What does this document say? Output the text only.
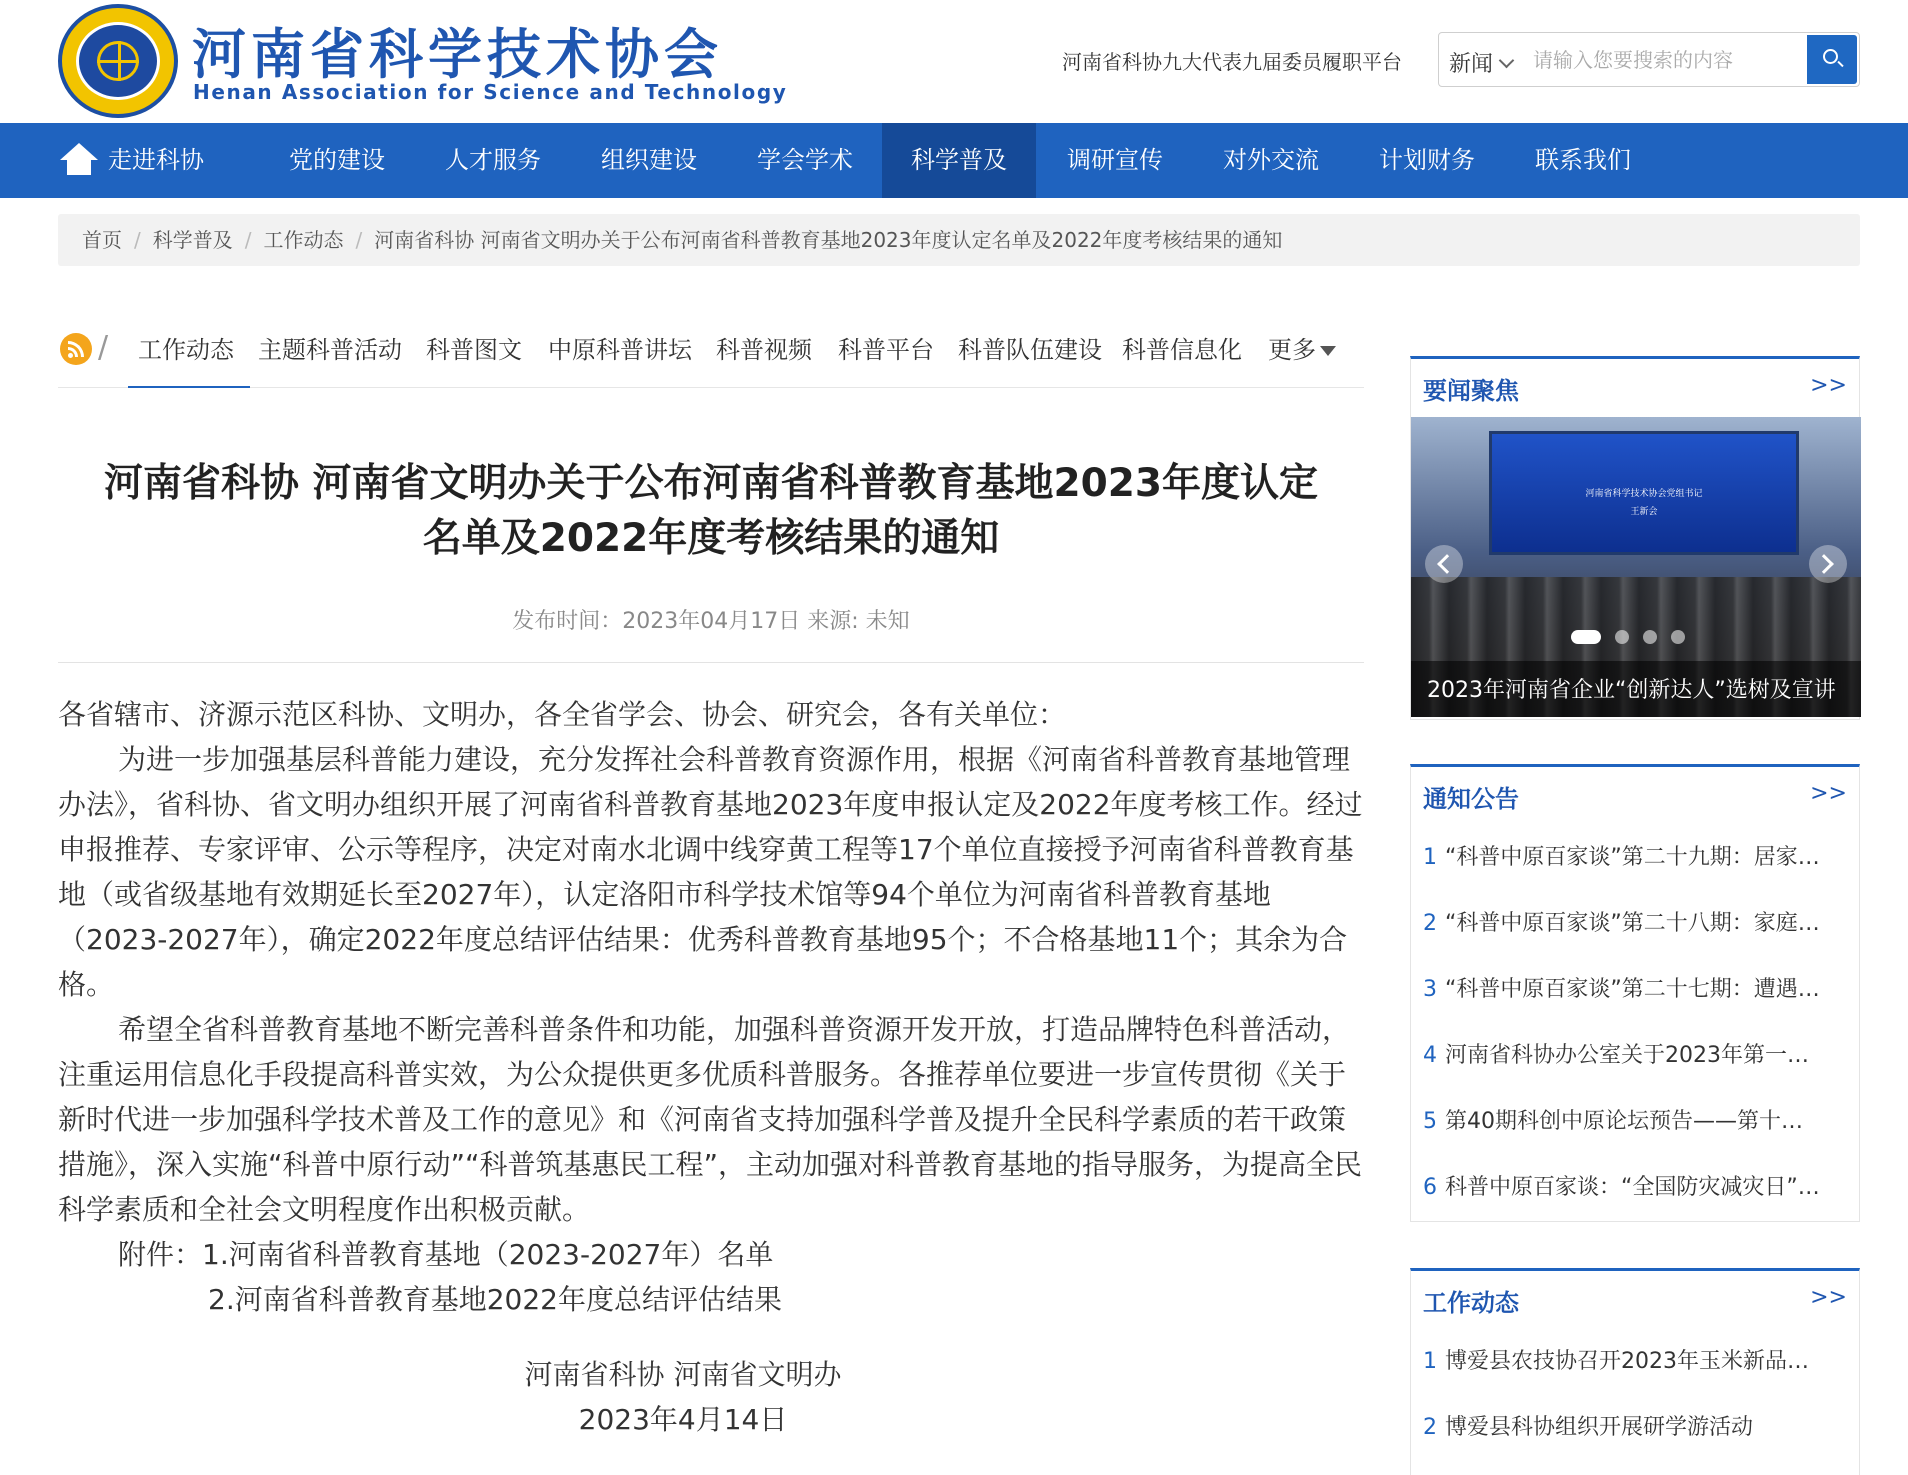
河南省科学技术协会
Henan Association for Science and Technology
河南省科协九大代表九届委员履职平台 新闻
请输入您要搜索的内容
走进科协	党的建设	人才服务	组织建设	学会学术	科学普及	调研宣传	对外交流	计划财务	联系我们
首页 / 科学普及 / 工作动态 / 河南省科协 河南省文明办关于公布河南省科普教育基地2023年度认定名单及2022年度考核结果的通知
/ 工作动态 主题科普活动 科普图文 中原科普讲坛 科普视频 科普平台 科普队伍建设 科普信息化 更多
河南省科协 河南省文明办关于公布河南省科普教育基地2023年度认定
名单及2022年度考核结果的通知
发布时间：2023年04月17日 来源: 未知

各省辖市、济源示范区科协、文明办，各全省学会、协会、研究会，各有关单位：

为进一步加强基层科普能力建设，充分发挥社会科普教育资源作用，根据《河南省科普教育基地管理办法》，省科协、省文明办组织开展了河南省科普教育基地2023年度申报认定及2022年度考核工作。经过申报推荐、专家评审、公示等程序，决定对南水北调中线穿黄工程等17个单位直接授予河南省科普教育基地（或省级基地有效期延长至2027年），认定洛阳市科学技术馆等94个单位为河南省科普教育基地（2023-2027年），确定2022年度总结评估结果：优秀科普教育基地95个；不合格基地11个；其余为合格。

希望全省科普教育基地不断完善科普条件和功能，加强科普资源开发开放，打造品牌特色科普活动，注重运用信息化手段提高科普实效，为公众提供更多优质科普服务。各推荐单位要进一步宣传贯彻《关于新时代进一步加强科学技术普及工作的意见》和《河南省支持加强科学普及提升全民科学素质的若干政策措施》，深入实施“科普中原行动”“科普筑基惠民工程”，主动加强对科普教育基地的指导服务，为提高全民科学素质和全社会文明程度作出积极贡献。

附件：1.河南省科普教育基地（2023-2027年）名单

2.河南省科普教育基地2022年度总结评估结果

河南省科协 河南省文明办

2023年4月14日

要闻聚焦	>>
河南省科学技术协会党组书记
王新会
2023年河南省企业“创新达人”选树及宣讲
通知公告	>>
1 “科普中原百家谈”第二十九期：居家…
2 “科普中原百家谈”第二十八期：家庭…
3 “科普中原百家谈”第二十七期：遭遇…
4 河南省科协办公室关于2023年第一…
5 第40期科创中原论坛预告——第十…
6 科普中原百家谈：“全国防灾减灾日”…
工作动态	>>
1 博爱县农技协召开2023年玉米新品…
2 博爱县科协组织开展研学游活动
